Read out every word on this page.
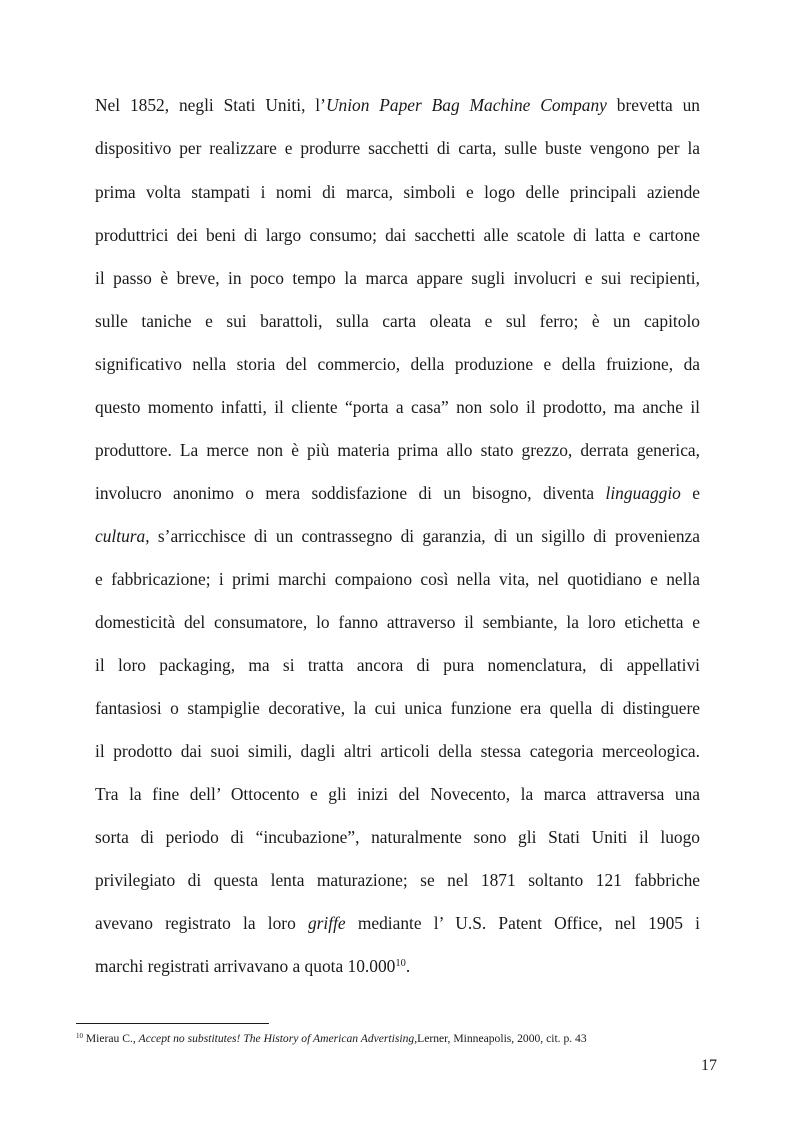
Nel 1852, negli Stati Uniti, l’Union Paper Bag Machine Company brevetta un
dispositivo per realizzare e produrre sacchetti di carta, sulle buste vengono per la
prima volta stampati i nomi di marca, simboli e logo delle principali aziende
produttrici dei beni di largo consumo; dai sacchetti alle scatole di latta e cartone
il passo è breve, in poco tempo la marca appare sugli involucri e sui recipienti,
sulle taniche e sui barattoli, sulla carta oleata e sul ferro; è un capitolo
significativo nella storia del commercio, della produzione e della fruizione, da
questo momento infatti, il cliente “porta a casa” non solo il prodotto, ma anche il
produttore. La merce non è più materia prima allo stato grezzo, derrata generica,
involucro anonimo o mera soddisfazione di un bisogno, diventa linguaggio e
cultura, s’arricchisce di un contrassegno di garanzia, di un sigillo di provenienza
e fabbricazione; i primi marchi compaiono così nella vita, nel quotidiano e nella
domesticità del consumatore, lo fanno attraverso il sembiante, la loro etichetta e
il loro packaging, ma si tratta ancora di pura nomenclatura, di appellativi
fantasiosi o stampiglie decorative, la cui unica funzione era quella di distinguere
il prodotto dai suoi simili, dagli altri articoli della stessa categoria merceologica.
Tra la fine dell’ Ottocento e gli inizi del Novecento, la marca attraversa una
sorta di periodo di “incubazione”, naturalmente sono gli Stati Uniti il luogo
privilegiato di questa lenta maturazione; se nel 1871 soltanto 121 fabbriche
avevano registrato la loro griffe mediante l’ U.S. Patent Office, nel 1905 i
marchi registrati arrivavano a quota 10.000$^{10}$.
$^{10}$ Mierau C., Accept no substitutes! The History of American Advertising,Lerner, Minneapolis, 2000, cit. p. 43
17
